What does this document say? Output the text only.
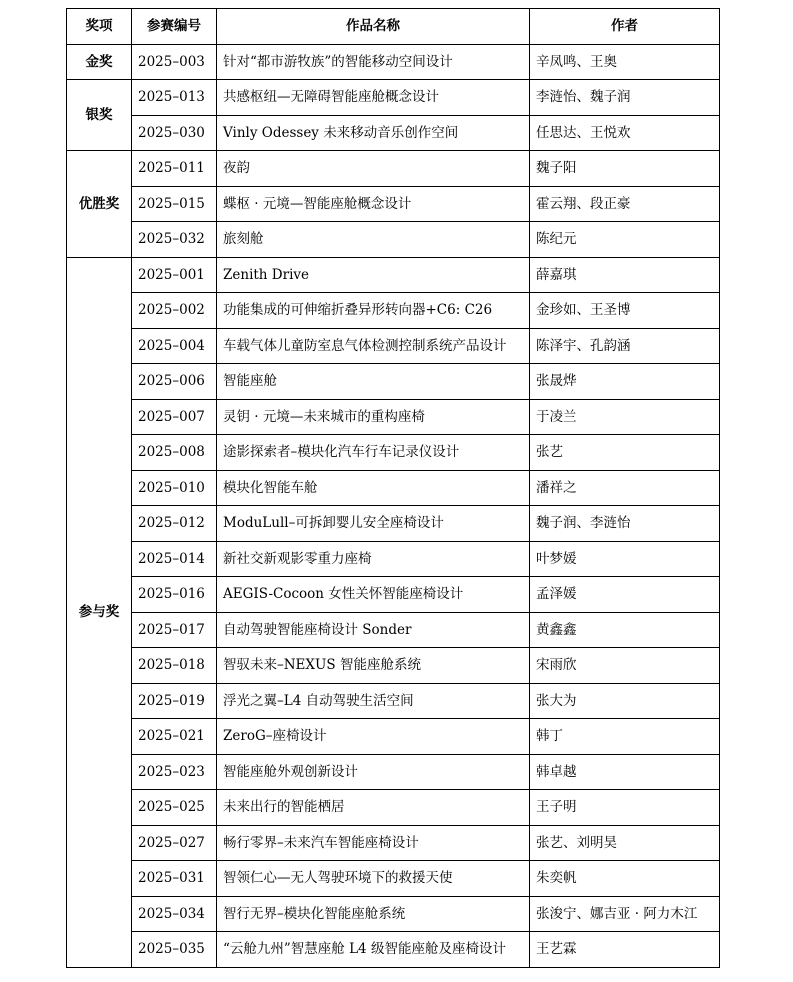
奖项	参赛编号	作品名称	作者
金奖	2025–003	针对“都市游牧族”的智能移动空间设计	辛凤鸣、王奥
银奖	2025–013	共感枢纽—无障碍智能座舱概念设计	李涟怡、魏子润
	2025–030	Vinly Odessey 未来移动音乐创作空间	任思达、王悦欢
优胜奖	2025–011	夜韵	魏子阳
	2025–015	蝶枢 · 元境—智能座舱概念设计	霍云翔、段正豪
	2025–032	旅刻舱	陈纪元
参与奖	2025–001	Zenith Drive	薛嘉琪
	2025–002	功能集成的可伸缩折叠异形转向器+C6: C26	金珍如、王圣博
	2025–004	车载气体儿童防室息气体检测控制系统产品设计	陈泽宇、孔韵涵
	2025–006	智能座舱	张晟烨
	2025–007	灵钥 · 元境—未来城市的重构座椅	于凌兰
	2025–008	途影探索者–模块化汽车行车记录仪设计	张艺
	2025–010	模块化智能车舱	潘祥之
	2025–012	ModuLull–可拆卸婴儿安全座椅设计	魏子润、李涟怡
	2025–014	新社交新观影零重力座椅	叶梦媛
	2025–016	AEGIS-Cocoon 女性关怀智能座椅设计	孟泽媛
	2025–017	自动驾驶智能座椅设计 Sonder	黄鑫鑫
	2025–018	智驭未来–NEXUS 智能座舱系统	宋雨欣
	2025–019	浮光之翼–L4 自动驾驶生活空间	张大为
	2025–021	ZeroG–座椅设计	韩丁
	2025–023	智能座舱外观创新设计	韩卓越
	2025–025	未来出行的智能栖居	王子明
	2025–027	畅行零界–未来汽车智能座椅设计	张艺、刘明昊
	2025–031	智领仁心—无人驾驶环境下的救援天使	朱奕帆
	2025–034	智行无界–模块化智能座舱系统	张浚宁、娜吉亚 · 阿力木江
	2025–035	“云舱九州”智慧座舱 L4 级智能座舱及座椅设计	王艺霖
